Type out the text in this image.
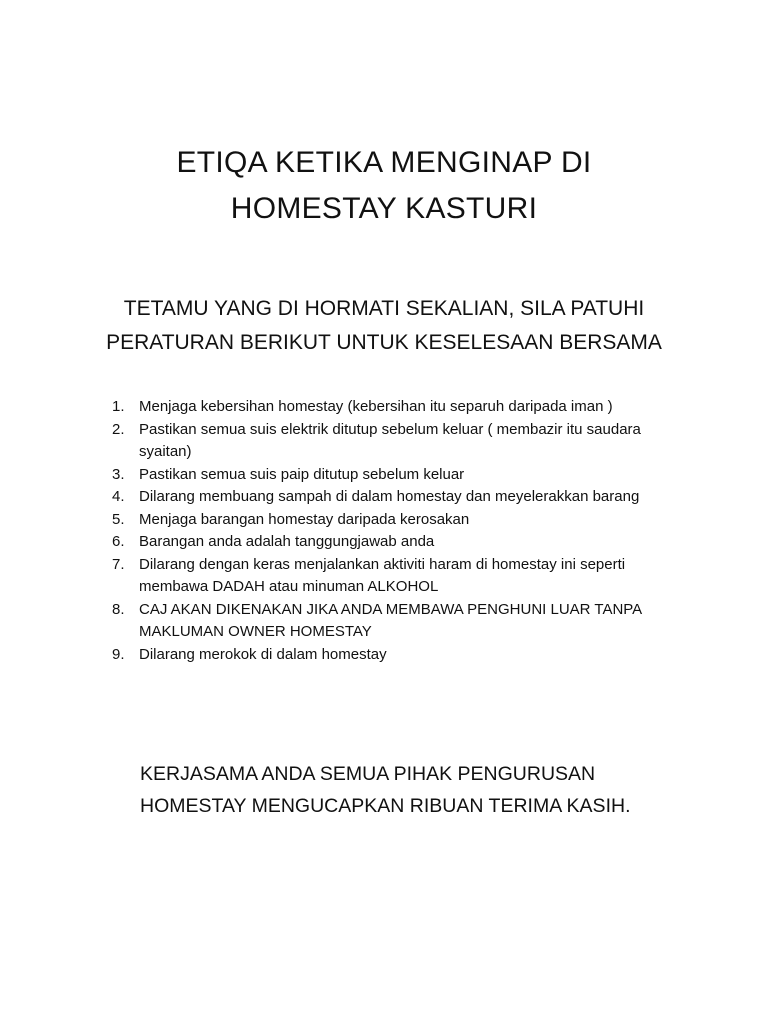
ETIQA KETIKA MENGINAP DI
HOMESTAY KASTURI

TETAMU YANG DI HORMATI SEKALIAN, SILA PATUHI
PERATURAN BERIKUT UNTUK KESELESAAN BERSAMA

1. Menjaga kebersihan homestay (kebersihan itu separuh daripada iman )
2. Pastikan semua suis elektrik ditutup sebelum keluar ( membazir itu saudara syaitan)
3. Pastikan semua suis paip ditutup sebelum keluar
4. Dilarang membuang sampah di dalam homestay dan meyelerakkan barang
5. Menjaga barangan homestay daripada kerosakan
6. Barangan anda adalah tanggungjawab anda
7. Dilarang dengan keras menjalankan aktiviti haram di homestay ini seperti membawa DADAH atau minuman ALKOHOL
8. CAJ AKAN DIKENAKAN JIKA ANDA MEMBAWA PENGHUNI LUAR TANPA MAKLUMAN OWNER HOMESTAY
9. Dilarang merokok di dalam homestay

KERJASAMA ANDA SEMUA PIHAK PENGURUSAN
HOMESTAY MENGUCAPKAN RIBUAN TERIMA KASIH.
